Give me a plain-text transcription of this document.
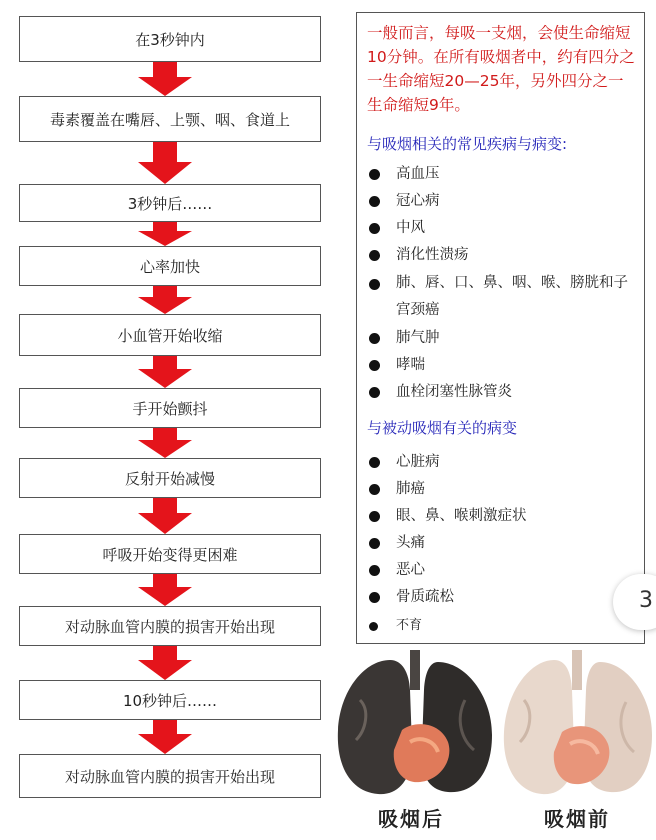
在3秒钟内
毒素覆盖在嘴唇、上颚、咽、食道上
3秒钟后……
心率加快
小血管开始收缩
手开始颤抖
反射开始减慢
呼吸开始变得更困难
对动脉血管内膜的损害开始出现
10秒钟后……
对动脉血管内膜的损害开始出现
一般而言，每吸一支烟，会使生命缩短10分钟。在所有吸烟者中，约有四分之一生命缩短20—25年，另外四分之一生命缩短9年。
与吸烟相关的常见疾病与病变:
高血压
冠心病
中风
消化性溃疡
肺、唇、口、鼻、咽、喉、膀胱和子宫颈癌
肺气肿
哮喘
血栓闭塞性脉管炎
与被动吸烟有关的病变
心脏病
肺癌
眼、鼻、喉刺激症状
头痛
恶心
骨质疏松
不育
3
吸烟后	吸烟前
